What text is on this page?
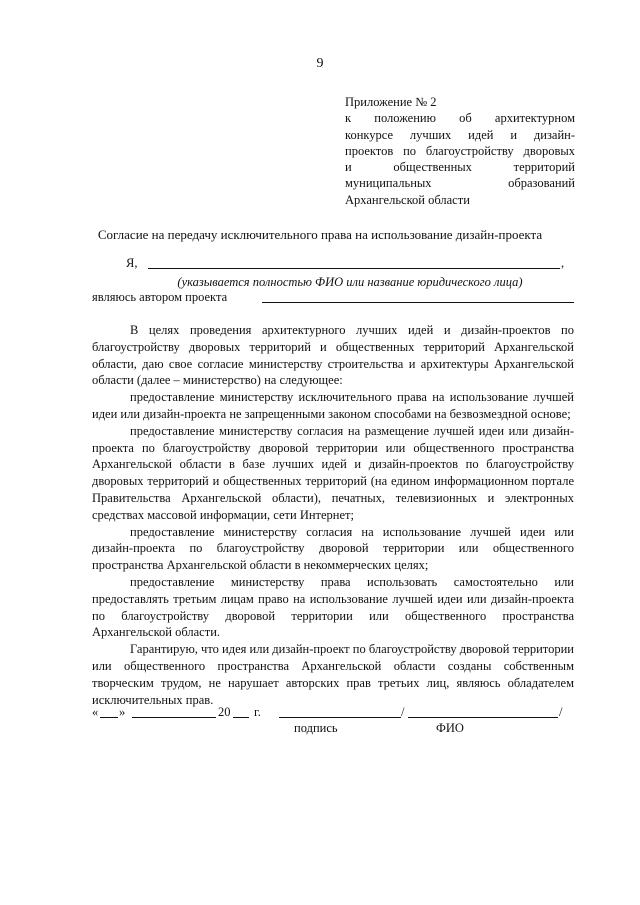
9
Приложение № 2
к положению об архитектурном
конкурсе лучших идей и дизайн-
проектов по благоустройству дворовых
и общественных территорий
муниципальных образований
Архангельской области
Согласие на передачу исключительного права на использование дизайн-проекта
Я,	,
(указывается полностью ФИО или название юридического лица)
являюсь автором проекта

В целях проведения архитектурного лучших идей и дизайн-проектов по благоустройству дворовых территорий и общественных территорий Архангельской области, даю свое согласие министерству строительства и архитектуры Архангельской области (далее – министерство) на следующее:

предоставление министерству исключительного права на использование лучшей идеи или дизайн-проекта не запрещенными законом способами на безвозмездной основе;

предоставление министерству согласия на размещение лучшей идеи или дизайн-проекта по благоустройству дворовой территории или общественного пространства Архангельской области в базе лучших идей и дизайн-проектов по благоустройству дворовых территорий и общественных территорий (на едином информационном портале Правительства Архангельской области), печатных, телевизионных и электронных средствах массовой информации, сети Интернет;

предоставление министерству согласия на использование лучшей идеи или дизайн-проекта по благоустройству дворовой территории или общественного пространства Архангельской области в некоммерческих целях;

предоставление министерству права использовать самостоятельно или предоставлять третьим лицам право на использование лучшей идеи или дизайн-проекта по благоустройству дворовой территории или общественного пространства Архангельской области.

Гарантирую, что идея или дизайн-проект по благоустройству дворовой территории или общественного пространства Архангельской области созданы собственным творческим трудом, не нарушает авторских прав третьих лиц, являюсь обладателем исключительных прав.

« »	20 г.	/	/
подпись	ФИО
